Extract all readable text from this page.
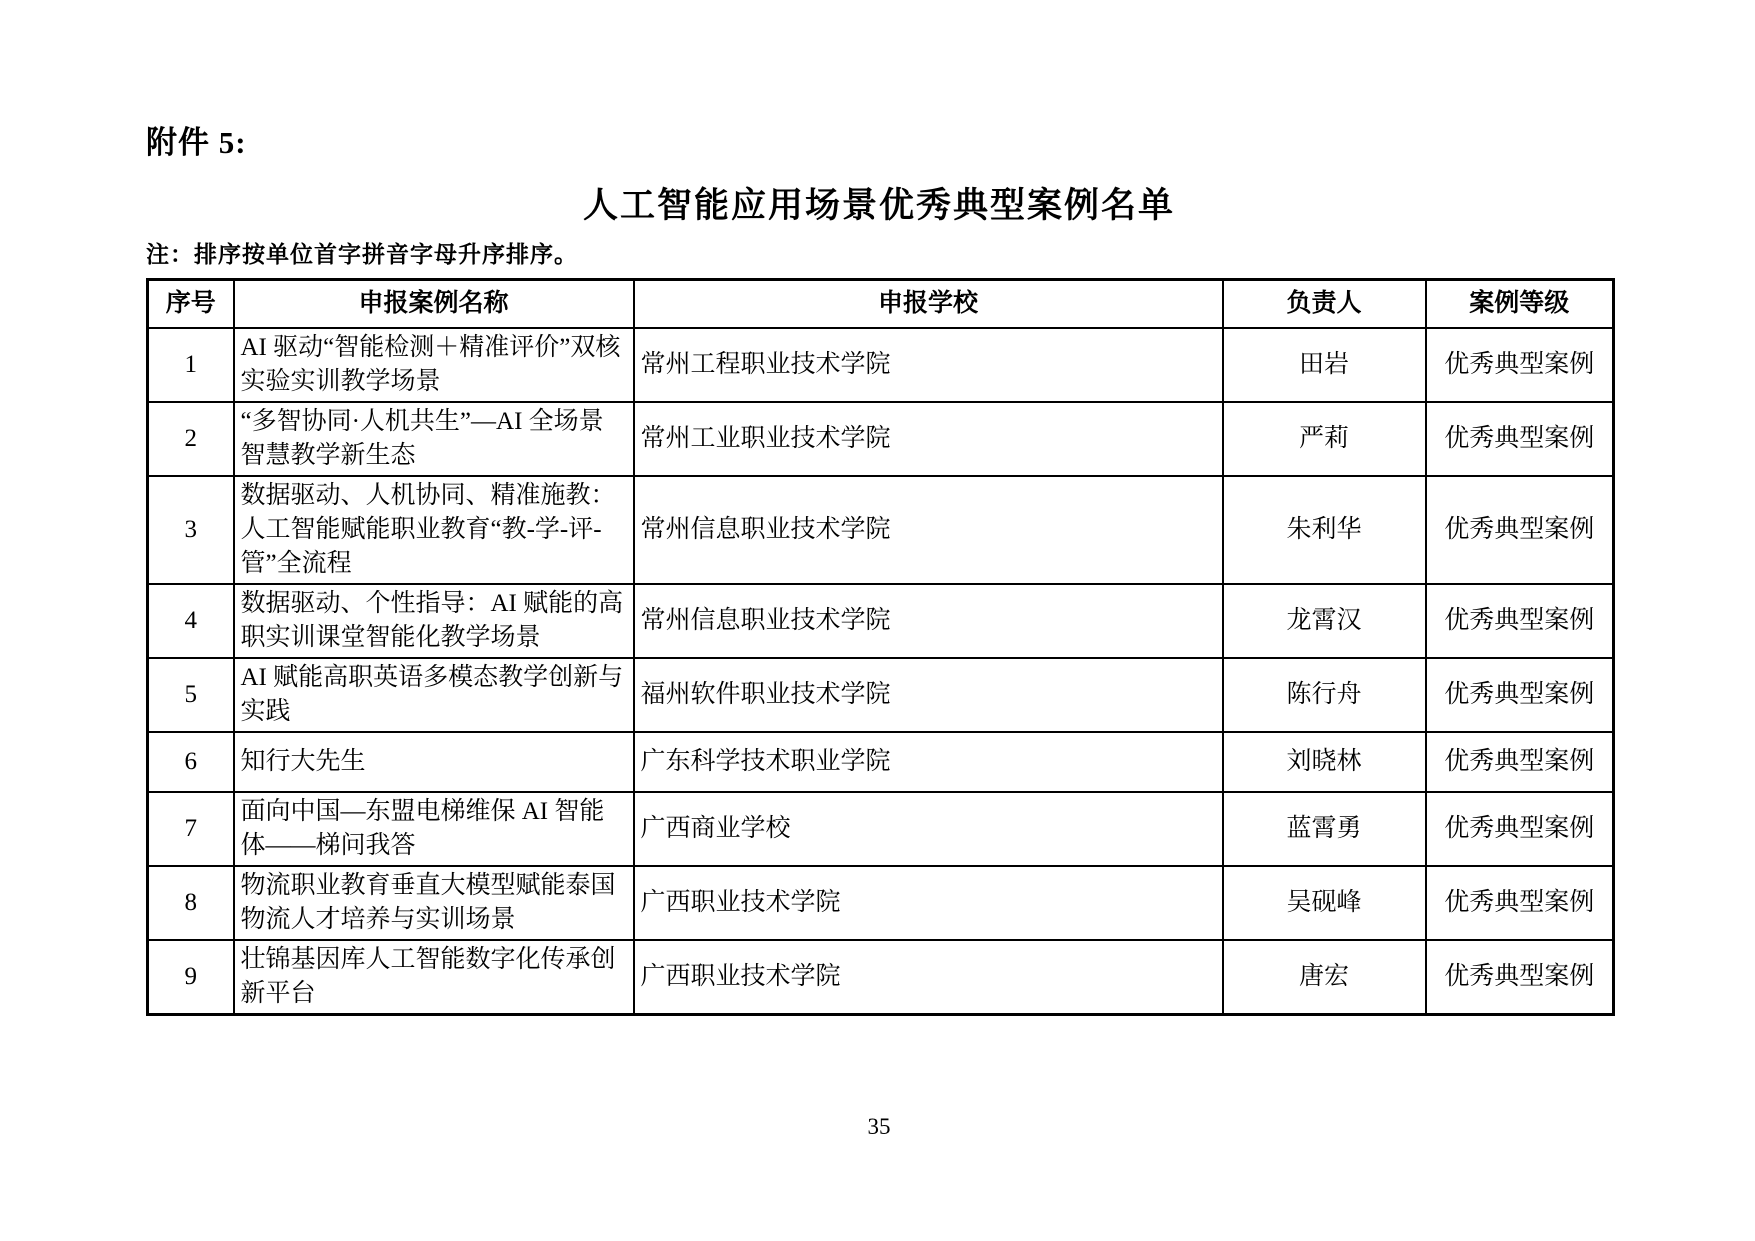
附件 5:
人工智能应用场景优秀典型案例名单
注：排序按单位首字拼音字母升序排序。
序号	申报案例名称	申报学校	负责人	案例等级
1	AI 驱动“智能检测＋精准评价”双核实验实训教学场景	常州工程职业技术学院	田岩	优秀典型案例
2	“多智协同·人机共生”—AI 全场景智慧教学新生态	常州工业职业技术学院	严莉	优秀典型案例
3	数据驱动、人机协同、精准施教：人工智能赋能职业教育“教-学-评-管”全流程	常州信息职业技术学院	朱利华	优秀典型案例
4	数据驱动、个性指导：AI 赋能的高职实训课堂智能化教学场景	常州信息职业技术学院	龙霄汉	优秀典型案例
5	AI 赋能高职英语多模态教学创新与实践	福州软件职业技术学院	陈行舟	优秀典型案例
6	知行大先生	广东科学技术职业学院	刘晓林	优秀典型案例
7	面向中国—东盟电梯维保 AI 智能体——梯问我答	广西商业学校	蓝霄勇	优秀典型案例
8	物流职业教育垂直大模型赋能泰国物流人才培养与实训场景	广西职业技术学院	吴砚峰	优秀典型案例
9	壮锦基因库人工智能数字化传承创新平台	广西职业技术学院	唐宏	优秀典型案例
35
